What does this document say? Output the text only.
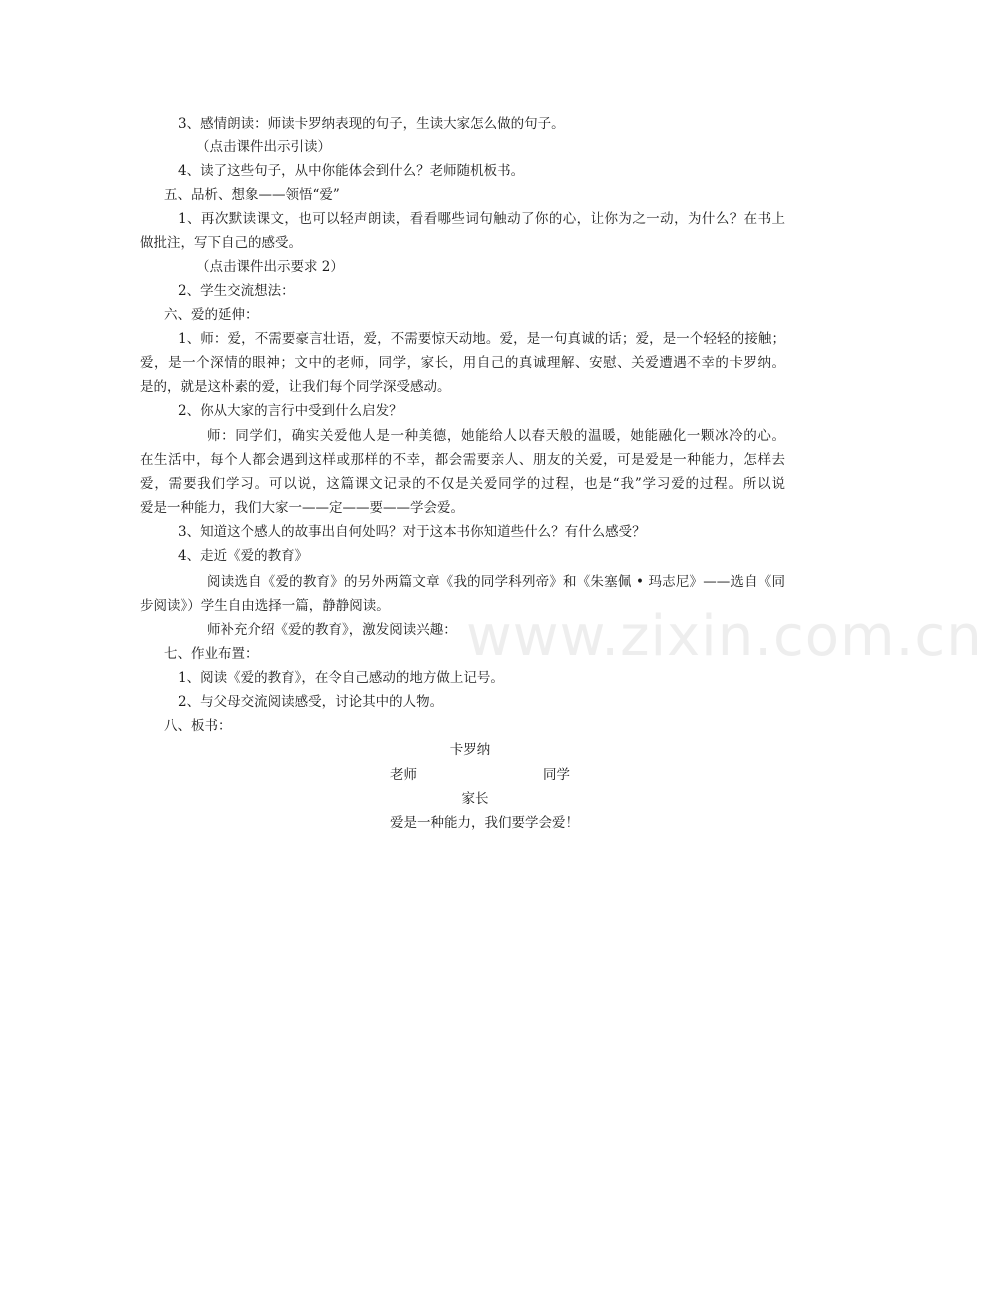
www.zixin.com.cn
3、感情朗读：师读卡罗纳表现的句子，生读大家怎么做的句子。
（点击课件出示引读）
4、读了这些句子，从中你能体会到什么？老师随机板书。
五、品析、想象——领悟“爱”
1、再次默读课文，也可以轻声朗读，看看哪些词句触动了你的心，让你为之一动，为什么？在书上
做批注，写下自己的感受。
（点击课件出示要求 2）
2、学生交流想法：
六、爱的延伸：
1、师：爱，不需要豪言壮语，爱，不需要惊天动地。爱，是一句真诚的话；爱，是一个轻轻的接触；
爱，是一个深情的眼神；文中的老师，同学，家长，用自己的真诚理解、安慰、关爱遭遇不幸的卡罗纳。
是的，就是这朴素的爱，让我们每个同学深受感动。
2、你从大家的言行中受到什么启发？
师：同学们，确实关爱他人是一种美德，她能给人以春天般的温暖，她能融化一颗冰冷的心。
在生活中，每个人都会遇到这样或那样的不幸，都会需要亲人、朋友的关爱，可是爱是一种能力，怎样去
爱，需要我们学习。可以说，这篇课文记录的不仅是关爱同学的过程，也是“我”学习爱的过程。所以说
爱是一种能力，我们大家一——定——要——学会爱。
3、知道这个感人的故事出自何处吗？对于这本书你知道些什么？有什么感受？
4、走近《爱的教育》
阅读选自《爱的教育》的另外两篇文章《我的同学科列帝》和《朱塞佩 • 玛志尼》——选自《同
步阅读》）学生自由选择一篇，静静阅读。
师补充介绍《爱的教育》，激发阅读兴趣：
七、作业布置：
1、阅读《爱的教育》，在令自己感动的地方做上记号。
2、与父母交流阅读感受，讨论其中的人物。
八、板书：
卡罗纳
老师	同学
家长
爱是一种能力，我们要学会爱！
